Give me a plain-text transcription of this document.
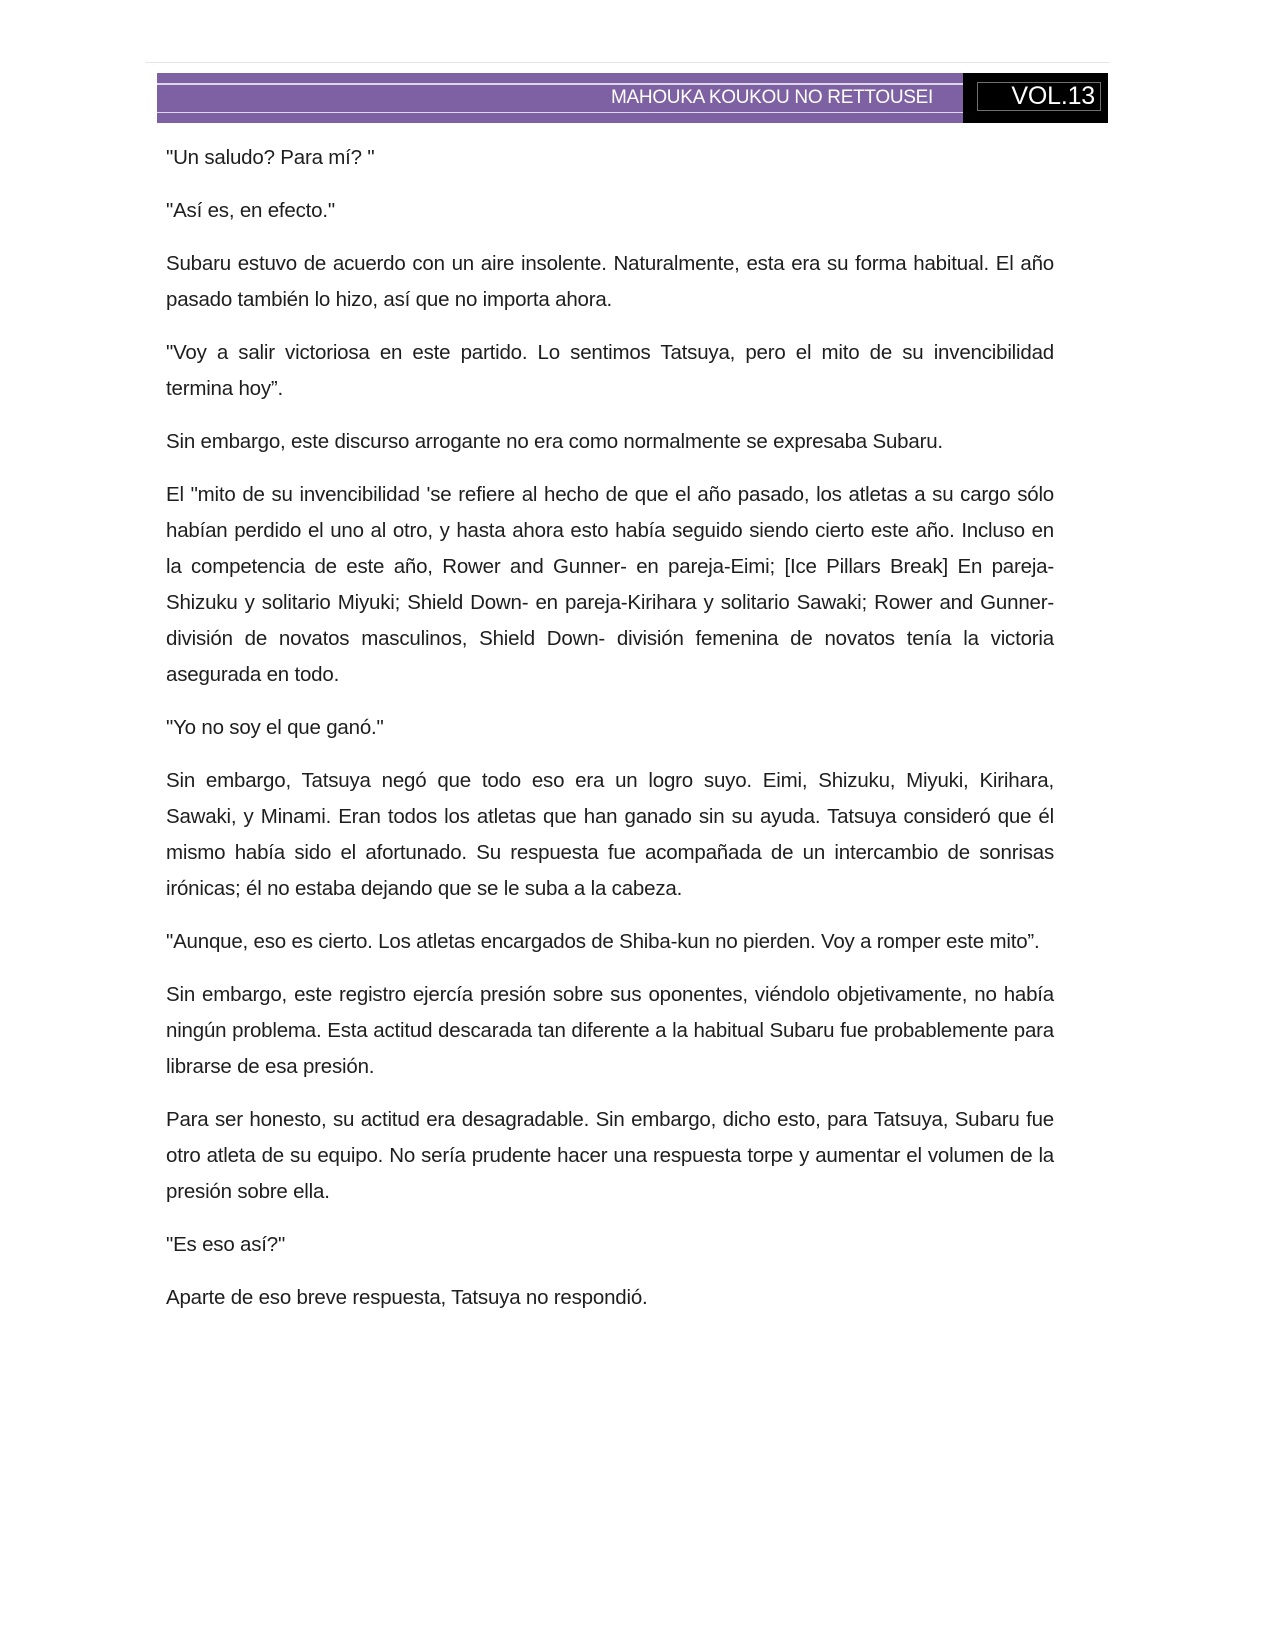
MAHOUKA KOUKOU NO RETTOUSEI	VOL.13

"Un saludo? Para mí? "

"Así es, en efecto."

Subaru estuvo de acuerdo con un aire insolente. Naturalmente, esta era su forma habitual. El año pasado también lo hizo, así que no importa ahora.

"Voy a salir victoriosa en este partido. Lo sentimos Tatsuya, pero el mito de su invencibilidad termina hoy”.

Sin embargo, este discurso arrogante no era como normalmente se expresaba Subaru.

El "mito de su invencibilidad 'se refiere al hecho de que el año pasado, los atletas a su cargo sólo habían perdido el uno al otro, y hasta ahora esto había seguido siendo cierto este año. Incluso en la competencia de este año, Rower and Gunner- en pareja-Eimi; [Ice Pillars Break] En pareja-Shizuku y solitario Miyuki; Shield Down- en pareja-Kirihara y solitario Sawaki; Rower and Gunner- división de novatos masculinos, Shield Down- división femenina de novatos tenía la victoria asegurada en todo.

"Yo no soy el que ganó."

Sin embargo, Tatsuya negó que todo eso era un logro suyo. Eimi, Shizuku, Miyuki, Kirihara, Sawaki, y Minami. Eran todos los atletas que han ganado sin su ayuda. Tatsuya consideró que él mismo había sido el afortunado. Su respuesta fue acompañada de un intercambio de sonrisas irónicas; él no estaba dejando que se le suba a la cabeza.

"Aunque, eso es cierto. Los atletas encargados de Shiba-kun no pierden. Voy a romper este mito”.

Sin embargo, este registro ejercía presión sobre sus oponentes, viéndolo objetivamente, no había ningún problema. Esta actitud descarada tan diferente a la habitual Subaru fue probablemente para librarse de esa presión.

Para ser honesto, su actitud era desagradable. Sin embargo, dicho esto, para Tatsuya, Subaru fue otro atleta de su equipo. No sería prudente hacer una respuesta torpe y aumentar el volumen de la presión sobre ella.

"Es eso así?"

Aparte de eso breve respuesta, Tatsuya no respondió.
